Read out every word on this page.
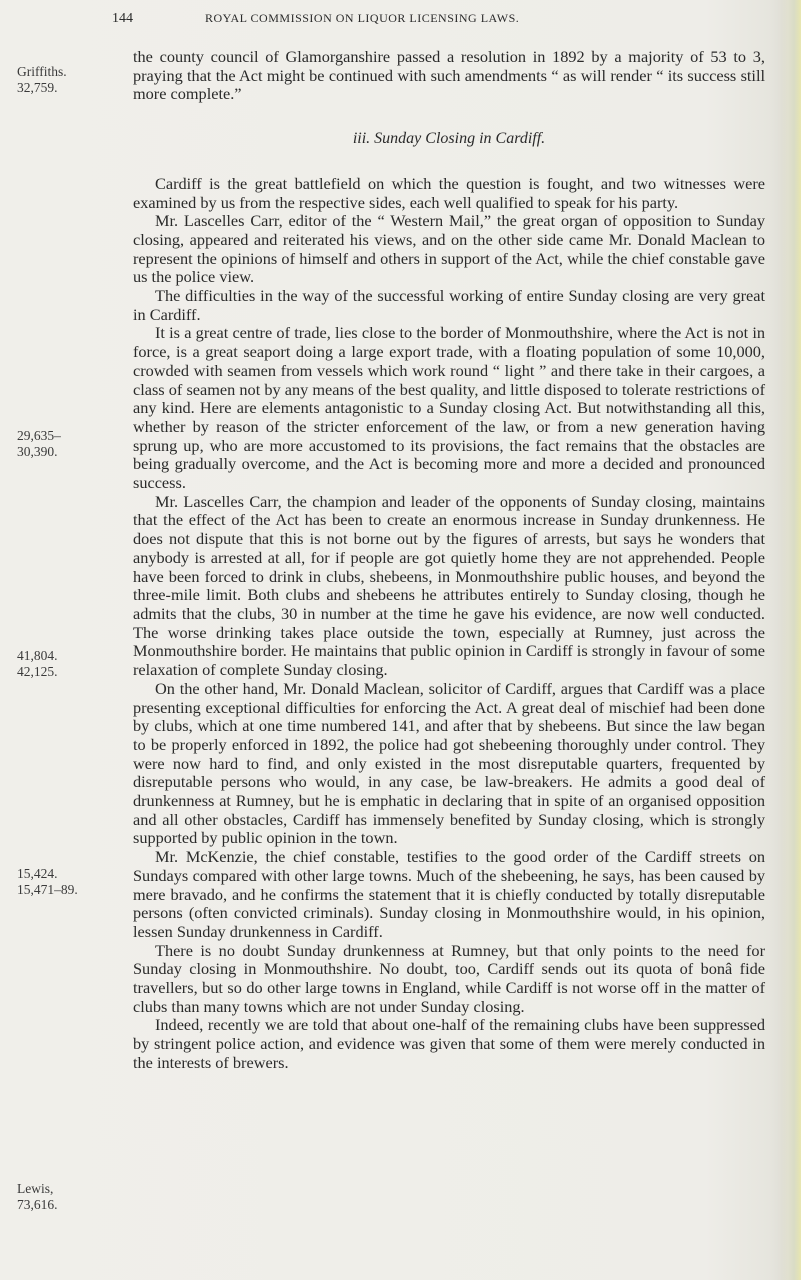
144	ROYAL COMMISSION ON LIQUOR LICENSING LAWS.
Griffiths.
32,759.
29,635–
30,390.
41,804.
42,125.
15,424.
15,471–89.
Lewis,
73,616.

the county council of Glamorganshire passed a resolution in 1892 by a majority of 53 to 3, praying that the Act might be continued with such amendments “ as will render “ its success still more complete.”

iii. Sunday Closing in Cardiff.

Cardiff is the great battlefield on which the question is fought, and two witnesses were examined by us from the respective sides, each well qualified to speak for his party.

Mr. Lascelles Carr, editor of the “ Western Mail,” the great organ of opposition to Sunday closing, appeared and reiterated his views, and on the other side came Mr. Donald Maclean to represent the opinions of himself and others in support of the Act, while the chief constable gave us the police view.

The difficulties in the way of the successful working of entire Sunday closing are very great in Cardiff.

It is a great centre of trade, lies close to the border of Monmouthshire, where the Act is not in force, is a great seaport doing a large export trade, with a floating population of some 10,000, crowded with seamen from vessels which work round “ light ” and there take in their cargoes, a class of seamen not by any means of the best quality, and little disposed to tolerate restrictions of any kind. Here are elements antagonistic to a Sunday closing Act. But notwithstanding all this, whether by reason of the stricter enforcement of the law, or from a new generation having sprung up, who are more accustomed to its provisions, the fact remains that the obstacles are being gradually overcome, and the Act is becoming more and more a decided and pronounced success.

Mr. Lascelles Carr, the champion and leader of the opponents of Sunday closing, maintains that the effect of the Act has been to create an enormous increase in Sunday drunkenness. He does not dispute that this is not borne out by the figures of arrests, but says he wonders that anybody is arrested at all, for if people are got quietly home they are not apprehended. People have been forced to drink in clubs, shebeens, in Monmouthshire public houses, and beyond the three-mile limit. Both clubs and shebeens he attributes entirely to Sunday closing, though he admits that the clubs, 30 in number at the time he gave his evidence, are now well conducted. The worse drinking takes place outside the town, especially at Rumney, just across the Monmouthshire border. He maintains that public opinion in Cardiff is strongly in favour of some relaxation of complete Sunday closing.

On the other hand, Mr. Donald Maclean, solicitor of Cardiff, argues that Cardiff was a place presenting exceptional difficulties for enforcing the Act. A great deal of mischief had been done by clubs, which at one time numbered 141, and after that by shebeens. But since the law began to be properly enforced in 1892, the police had got shebeening thoroughly under control. They were now hard to find, and only existed in the most disreputable quarters, frequented by disreputable persons who would, in any case, be law-breakers. He admits a good deal of drunkenness at Rumney, but he is emphatic in declaring that in spite of an organised opposition and all other obstacles, Cardiff has immensely benefited by Sunday closing, which is strongly supported by public opinion in the town.

Mr. McKenzie, the chief constable, testifies to the good order of the Cardiff streets on Sundays compared with other large towns. Much of the shebeening, he says, has been caused by mere bravado, and he confirms the statement that it is chiefly conducted by totally disreputable persons (often convicted criminals). Sunday closing in Monmouthshire would, in his opinion, lessen Sunday drunkenness in Cardiff.

There is no doubt Sunday drunkenness at Rumney, but that only points to the need for Sunday closing in Monmouthshire. No doubt, too, Cardiff sends out its quota of bonâ fide travellers, but so do other large towns in England, while Cardiff is not worse off in the matter of clubs than many towns which are not under Sunday closing.

Indeed, recently we are told that about one-half of the remaining clubs have been suppressed by stringent police action, and evidence was given that some of them were merely conducted in the interests of brewers.
